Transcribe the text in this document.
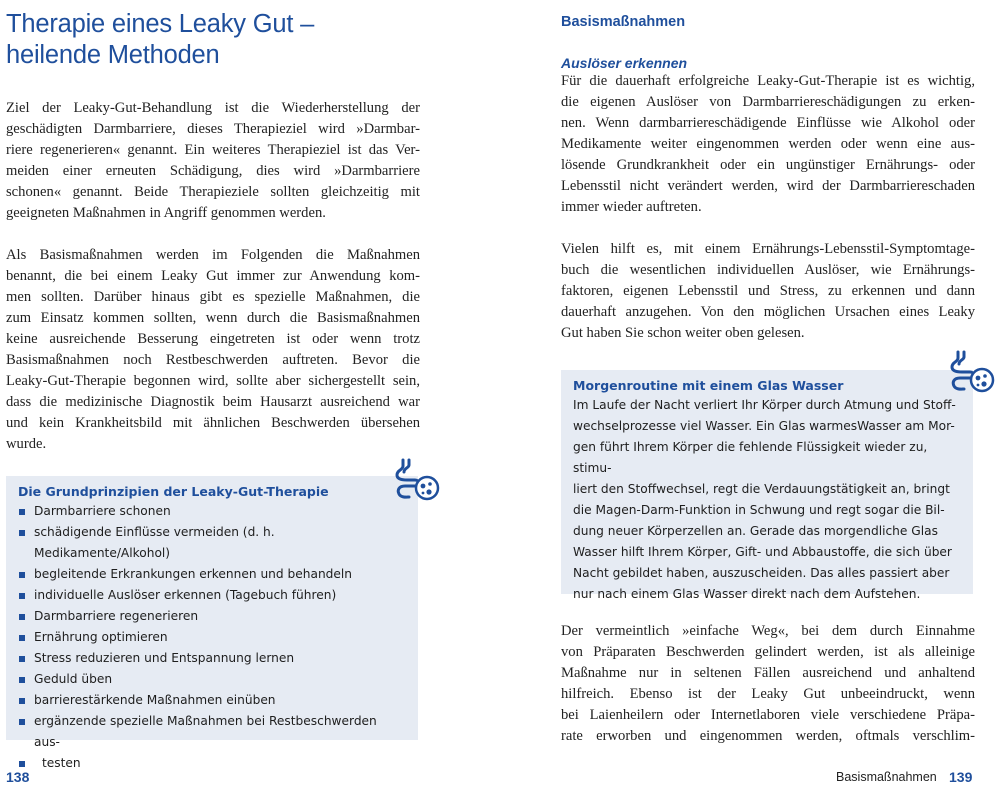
Therapie eines Leaky Gut –
heilende Methoden

Ziel der Leaky-Gut-Behandlung ist die Wiederherstellung der
geschädigten Darmbarriere, dieses Therapieziel wird »Darmbar-
riere regenerieren« genannt. Ein weiteres Therapieziel ist das Ver-
meiden einer erneuten Schädigung, dies wird »Darmbarriere
schonen« genannt. Beide Therapieziele sollten gleichzeitig mit
geeigneten Maßnahmen in Angriff genommen werden.

Als Basismaßnahmen werden im Folgenden die Maßnahmen
benannt, die bei einem Leaky Gut immer zur Anwendung kom-
men sollten. Darüber hinaus gibt es spezielle Maßnahmen, die
zum Einsatz kommen sollten, wenn durch die Basismaßnahmen
keine ausreichende Besserung eingetreten ist oder wenn trotz
Basismaßnahmen noch Restbeschwerden auftreten. Bevor die
Leaky-Gut-Therapie begonnen wird, sollte aber sichergestellt sein,
dass die medizinische Diagnostik beim Hausarzt ausreichend war
und kein Krankheitsbild mit ähnlichen Beschwerden übersehen
wurde.

Die Grundprinzipien der Leaky-Gut-Therapie
Darmbarriere schonen
schädigende Einflüsse vermeiden (d. h. Medikamente/Alkohol)
begleitende Erkrankungen erkennen und behandeln
individuelle Auslöser erkennen (Tagebuch führen)
Darmbarriere regenerieren
Ernährung optimieren
Stress reduzieren und Entspannung lernen
Geduld üben
barrierestärkende Maßnahmen einüben
ergänzende spezielle Maßnahmen bei Restbeschwerden aus-
testen
138
Basismaßnahmen
Auslöser erkennen

Für die dauerhaft erfolgreiche Leaky-Gut-Therapie ist es wichtig,
die eigenen Auslöser von Darmbarriereschädigungen zu erken-
nen. Wenn darmbarriereschädigende Einflüsse wie Alkohol oder
Medikamente weiter eingenommen werden oder wenn eine aus-
lösende Grundkrankheit oder ein ungünstiger Ernährungs- oder
Lebensstil nicht verändert werden, wird der Darmbarriereschaden
immer wieder auftreten.

Vielen hilft es, mit einem Ernährungs-Lebensstil-Symptomtage-
buch die wesentlichen individuellen Auslöser, wie Ernährungs-
faktoren, eigenen Lebensstil und Stress, zu erkennen und dann
dauerhaft anzugehen. Von den möglichen Ursachen eines Leaky
Gut haben Sie schon weiter oben gelesen.

Morgenroutine mit einem Glas Wasser
Im Laufe der Nacht verliert Ihr Körper durch Atmung und Stoff-
wechselprozesse viel Wasser. Ein Glas warmesWasser am Mor-
gen führt Ihrem Körper die fehlende Flüssigkeit wieder zu, stimu-
liert den Stoffwechsel, regt die Verdauungstätigkeit an, bringt
die Magen-Darm-Funktion in Schwung und regt sogar die Bil-
dung neuer Körperzellen an. Gerade das morgendliche Glas
Wasser hilft Ihrem Körper, Gift- und Abbaustoffe, die sich über
Nacht gebildet haben, auszuscheiden. Das alles passiert aber
nur nach einem Glas Wasser direkt nach dem Aufstehen.
Der vermeintlich »einfache Weg«, bei dem durch Einnahme
von Präparaten Beschwerden gelindert werden, ist als alleinige
Maßnahme nur in seltenen Fällen ausreichend und anhaltend
hilfreich. Ebenso ist der Leaky Gut unbeeindruckt, wenn
bei Laienheilern oder Internetlaboren viele verschiedene Präpa-
rate erworben und eingenommen werden, oftmals verschlim-
Basismaßnahmen 139
